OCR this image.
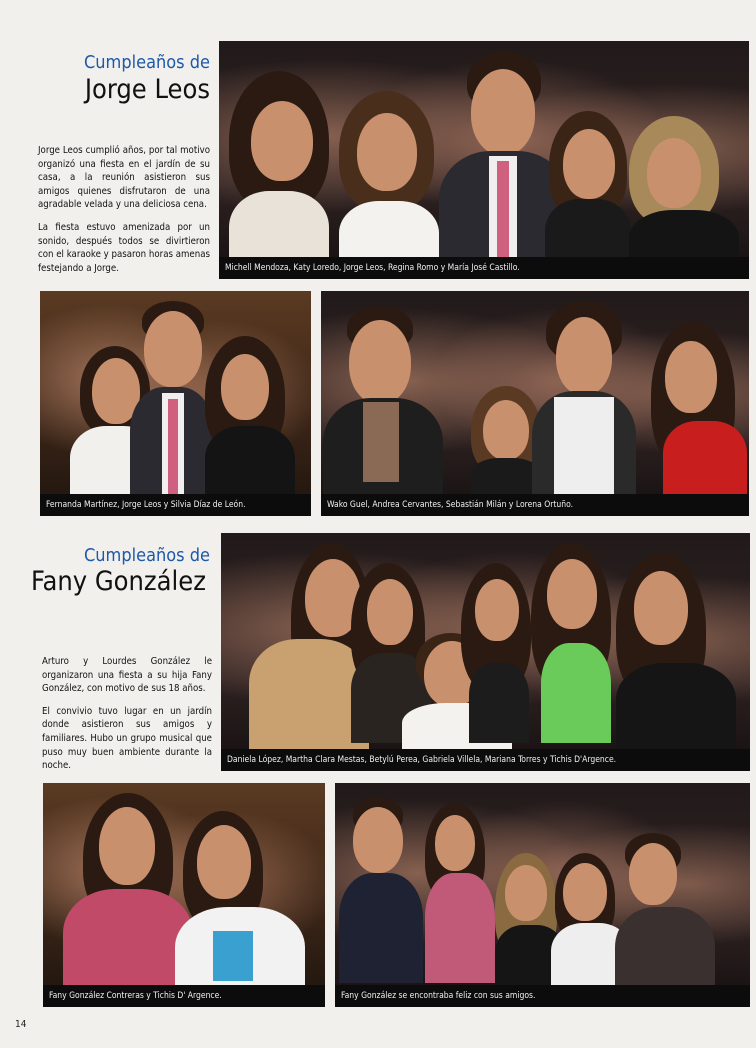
Cumpleaños de
Jorge Leos

Jorge Leos cumplió años, por tal motivo organizó una fiesta en el jardín de su casa, a la reunión asistieron sus amigos quienes disfrutaron de una agradable velada y una deliciosa cena.

La fiesta estuvo amenizada por un sonido, después todos se divirtieron con el karaoke y pasaron horas amenas festejando a Jorge.	Michell Mendoza, Katy Loredo, Jorge Leos, Regina Romo y María José Castillo.
Fernanda Martínez, Jorge Leos y Silvia Díaz de León.	Wako Guel, Andrea Cervantes, Sebastián Milán y Lorena Ortuño.
Cumpleaños de
Fany González

Arturo y Lourdes González le organizaron una fiesta a su hija Fany González, con motivo de sus 18 años.

El convivio tuvo lugar en un jardín donde asistieron sus amigos y familiares. Hubo un grupo musical que puso muy buen ambiente durante la noche.

Daniela López, Martha Clara Mestas, Betylú Perea, Gabriela Villela, Mariana Torres y Tichis D'Argence.
Fany González Contreras y Tichis D' Argence.	Fany González se encontraba feliz con sus amigos.
14
